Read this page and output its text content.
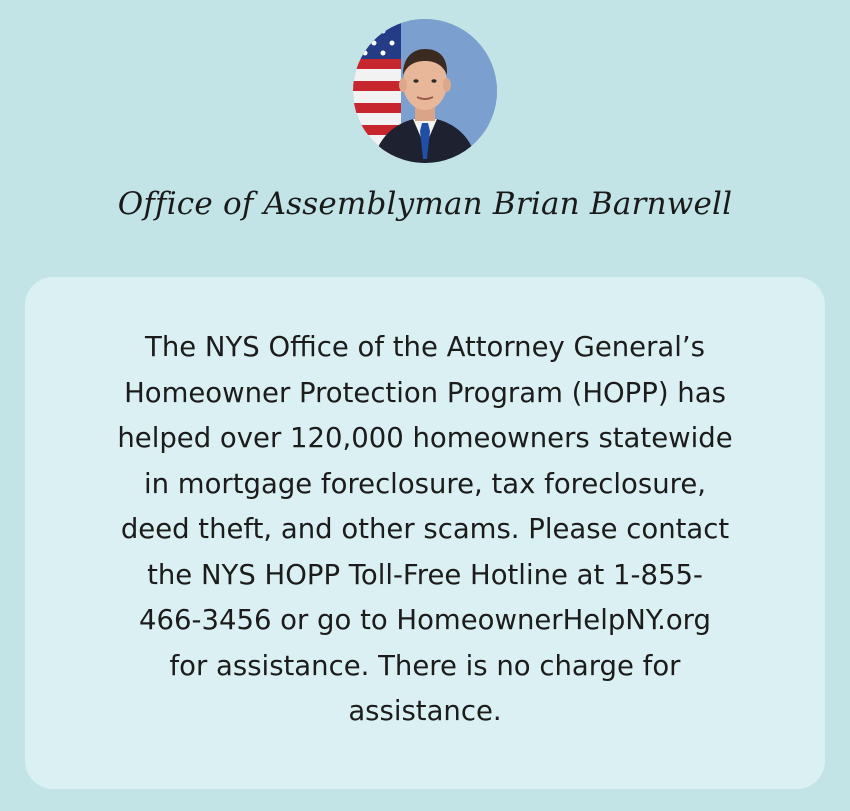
Office of Assemblyman Brian Barnwell
The NYS Office of the Attorney General’s
Homeowner Protection Program (HOPP) has
helped over 120,000 homeowners statewide
in mortgage foreclosure, tax foreclosure,
deed theft, and other scams. Please contact
the NYS HOPP Toll-Free Hotline at 1-855-
466-3456 or go to HomeownerHelpNY.org
for assistance. There is no charge for
assistance.
